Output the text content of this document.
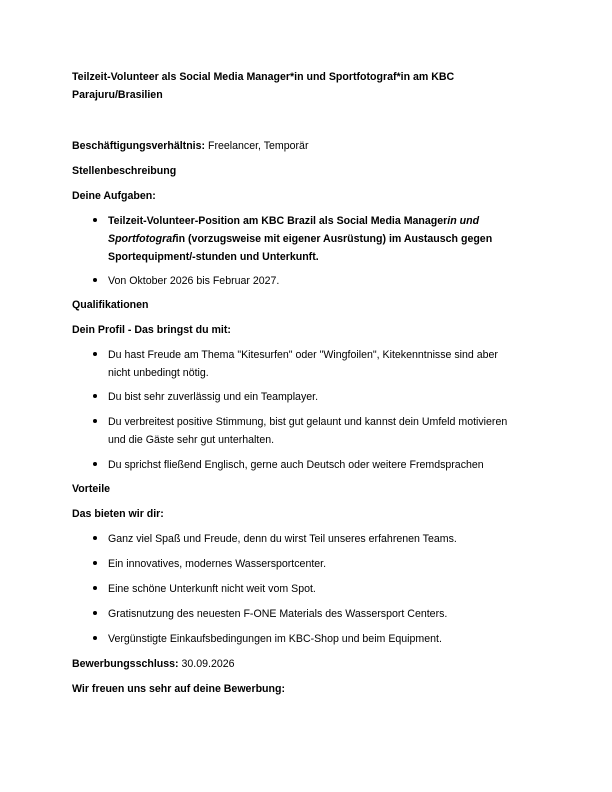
Teilzeit-Volunteer als Social Media Manager*in und Sportfotograf*in am KBC
Parajuru/Brasilien
Beschäftigungsverhältnis: Freelancer, Temporär
Stellenbeschreibung
Deine Aufgaben:
Teilzeit-Volunteer-Position am KBC Brazil als Social Media Managerin und
Sportfotografin (vorzugsweise mit eigener Ausrüstung) im Austausch gegen
Sportequipment/-stunden und Unterkunft.
Von Oktober 2026 bis Februar 2027.
Qualifikationen
Dein Profil - Das bringst du mit:
Du hast Freude am Thema "Kitesurfen" oder "Wingfoilen", Kitekenntnisse sind aber
nicht unbedingt nötig.
Du bist sehr zuverlässig und ein Teamplayer.
Du verbreitest positive Stimmung, bist gut gelaunt und kannst dein Umfeld motivieren
und die Gäste sehr gut unterhalten.
Du sprichst fließend Englisch, gerne auch Deutsch oder weitere Fremdsprachen
Vorteile
Das bieten wir dir:
Ganz viel Spaß und Freude, denn du wirst Teil unseres erfahrenen Teams.
Ein innovatives, modernes Wassersportcenter.
Eine schöne Unterkunft nicht weit vom Spot.
Gratisnutzung des neuesten F-ONE Materials des Wassersport Centers.
Vergünstigte Einkaufsbedingungen im KBC-Shop und beim Equipment.
Bewerbungsschluss: 30.09.2026
Wir freuen uns sehr auf deine Bewerbung:
